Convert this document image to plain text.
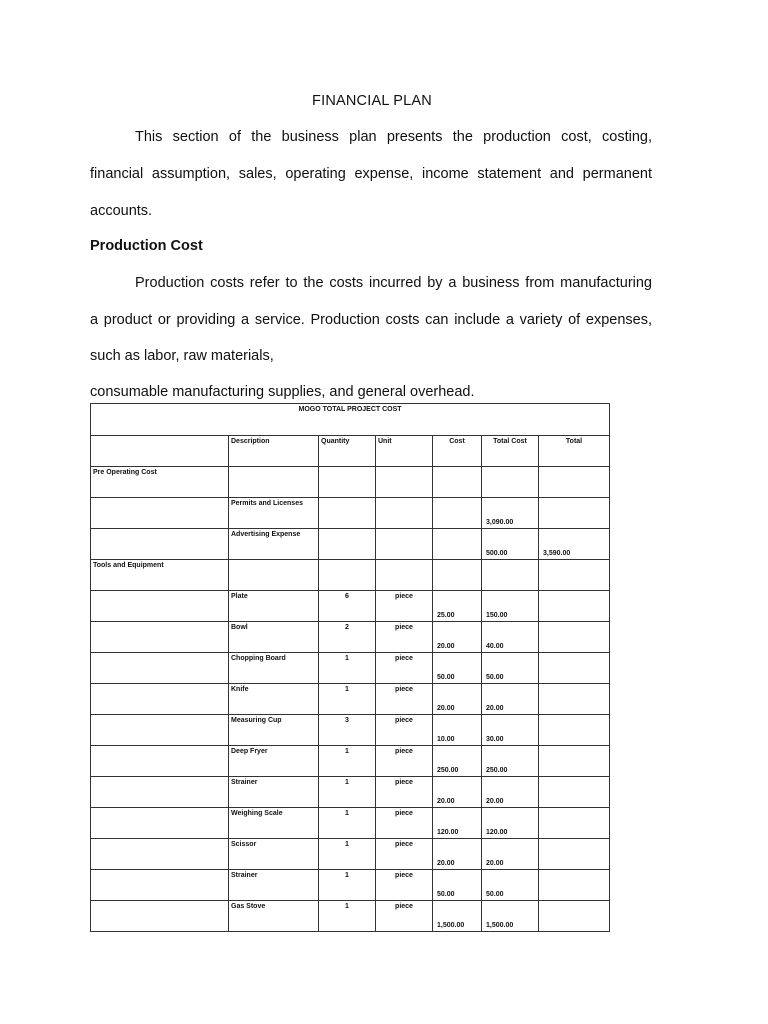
FINANCIAL PLAN
This section of the business plan presents the production cost, costing,
financial assumption, sales, operating expense, income statement and permanent
accounts.
Production Cost
Production costs refer to the costs incurred by a business from manufacturing
a product or providing a service. Production costs can include a variety of expenses,
such as labor, raw materials,
consumable manufacturing supplies, and general overhead.
MOGO TOTAL PROJECT COST						

	Description	Quantity	Unit	Cost	Total Cost	Total

Pre Operating Cost						

	Permits and Licenses				3,090.00	

	Advertising Expense				500.00	3,590.00

Tools and Equipment						

	Plate	6	piece	25.00	150.00	

	Bowl	2	piece	20.00	40.00	

	Chopping Board	1	piece	50.00	50.00	

	Knife	1	piece	20.00	20.00	

	Measuring Cup	3	piece	10.00	30.00	

	Deep Fryer	1	piece	250.00	250.00	

	Strainer	1	piece	20.00	20.00	

	Weighing Scale	1	piece	120.00	120.00	

	Scissor	1	piece	20.00	20.00	

	Strainer	1	piece	50.00	50.00	

	Gas Stove	1	piece	1,500.00	1,500.00	
